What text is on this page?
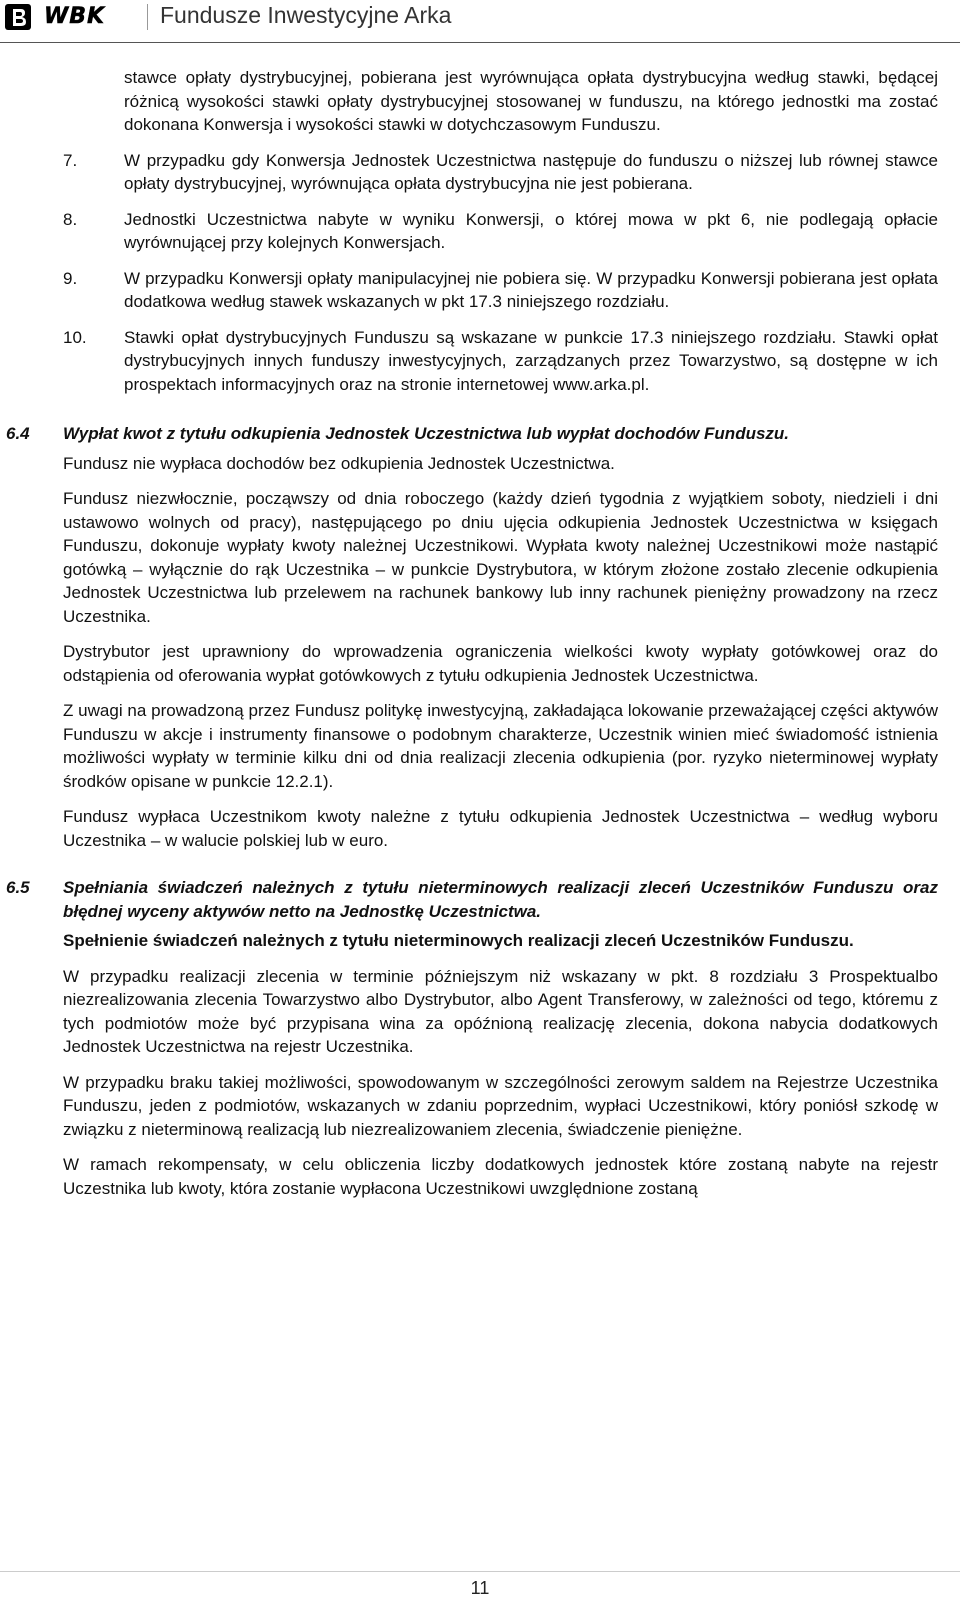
WBK Fundusze Inwestycyjne Arka
stawce opłaty dystrybucyjnej, pobierana jest wyrównująca opłata dystrybucyjna według stawki, będącej różnicą wysokości stawki opłaty dystrybucyjnej stosowanej w funduszu, na którego jednostki ma zostać dokonana Konwersja i wysokości stawki w dotychczasowym Funduszu.
7.	W przypadku gdy Konwersja Jednostek Uczestnictwa następuje do funduszu o niższej lub równej stawce opłaty dystrybucyjnej, wyrównująca opłata dystrybucyjna nie jest pobierana.
8.	Jednostki Uczestnictwa nabyte w wyniku Konwersji, o której mowa w pkt 6, nie podlegają opłacie wyrównującej przy kolejnych Konwersjach.
9.	W przypadku Konwersji opłaty manipulacyjnej nie pobiera się. W przypadku Konwersji pobierana jest opłata dodatkowa według stawek wskazanych w pkt 17.3 niniejszego rozdziału.
10. Stawki opłat dystrybucyjnych Funduszu są wskazane w punkcie 17.3 niniejszego rozdziału. Stawki opłat dystrybucyjnych innych funduszy inwestycyjnych, zarządzanych przez Towarzystwo, są dostępne w ich prospektach informacyjnych oraz na stronie internetowej www.arka.pl.
6.4 Wypłat kwot z tytułu odkupienia Jednostek Uczestnictwa lub wypłat dochodów Funduszu.

Fundusz nie wypłaca dochodów bez odkupienia Jednostek Uczestnictwa.

Fundusz niezwłocznie, począwszy od dnia roboczego (każdy dzień tygodnia z wyjątkiem soboty, niedzieli i dni ustawowo wolnych od pracy), następującego po dniu ujęcia odkupienia Jednostek Uczestnictwa w księgach Funduszu, dokonuje wypłaty kwoty należnej Uczestnikowi. Wypłata kwoty należnej Uczestnikowi może nastąpić gotówką – wyłącznie do rąk Uczestnika – w punkcie Dystrybutora, w którym złożone zostało zlecenie odkupienia Jednostek Uczestnictwa lub przelewem na rachunek bankowy lub inny rachunek pieniężny prowadzony na rzecz Uczestnika.

Dystrybutor jest uprawniony do wprowadzenia ograniczenia wielkości kwoty wypłaty gotówkowej oraz do odstąpienia od oferowania wypłat gotówkowych z tytułu odkupienia Jednostek Uczestnictwa.

Z uwagi na prowadzoną przez Fundusz politykę inwestycyjną, zakładająca lokowanie przeważającej części aktywów Funduszu w akcje i instrumenty finansowe o podobnym charakterze, Uczestnik winien mieć świadomość istnienia możliwości wypłaty w terminie kilku dni od dnia realizacji zlecenia odkupienia (por. ryzyko nieterminowej wypłaty środków opisane w punkcie 12.2.1).

Fundusz wypłaca Uczestnikom kwoty należne z tytułu odkupienia Jednostek Uczestnictwa – według wyboru Uczestnika – w walucie polskiej lub w euro.

6.5 Spełniania świadczeń należnych z tytułu nieterminowych realizacji zleceń Uczestników Funduszu oraz błędnej wyceny aktywów netto na Jednostkę Uczestnictwa.

Spełnienie świadczeń należnych z tytułu nieterminowych realizacji zleceń Uczestników Funduszu.

W przypadku realizacji zlecenia w terminie późniejszym niż wskazany w pkt. 8 rozdziału 3 Prospektualbo niezrealizowania zlecenia Towarzystwo albo Dystrybutor, albo Agent Transferowy, w zależności od tego, któremu z tych podmiotów może być przypisana wina za opóźnioną realizację zlecenia, dokona nabycia dodatkowych Jednostek Uczestnictwa na rejestr Uczestnika.

W przypadku braku takiej możliwości, spowodowanym w szczególności zerowym saldem na Rejestrze Uczestnika Funduszu, jeden z podmiotów, wskazanych w zdaniu poprzednim, wypłaci Uczestnikowi, który poniósł szkodę w związku z nieterminową realizacją lub niezrealizowaniem zlecenia, świadczenie pieniężne.

W ramach rekompensaty, w celu obliczenia liczby dodatkowych jednostek które zostaną nabyte na rejestr Uczestnika lub kwoty, która zostanie wypłacona Uczestnikowi uwzględnione zostaną

11
